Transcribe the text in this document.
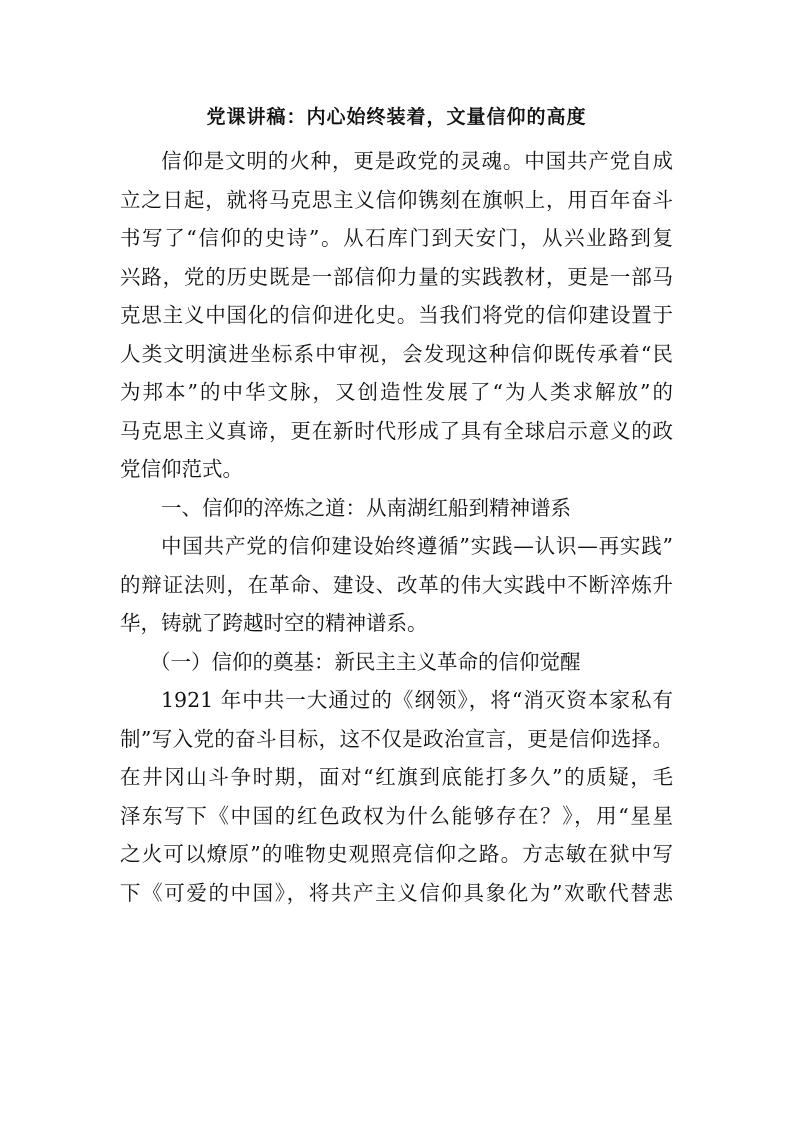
党课讲稿：内心始终装着，文量信仰的高度
信仰是文明的火种，更是政党的灵魂。中国共产党自成
立之日起，就将马克思主义信仰镌刻在旗帜上，用百年奋斗
书写了“信仰的史诗”。从石库门到天安门，从兴业路到复
兴路，党的历史既是一部信仰力量的实践教材，更是一部马
克思主义中国化的信仰进化史。当我们将党的信仰建设置于
人类文明演进坐标系中审视，会发现这种信仰既传承着“民
为邦本”的中华文脉，又创造性发展了“为人类求解放”的
马克思主义真谛，更在新时代形成了具有全球启示意义的政
党信仰范式。
一、信仰的淬炼之道：从南湖红船到精神谱系
中国共产党的信仰建设始终遵循”实践—认识—再实践”
的辩证法则，在革命、建设、改革的伟大实践中不断淬炼升
华，铸就了跨越时空的精神谱系。
（一）信仰的奠基：新民主主义革命的信仰觉醒
1921 年中共一大通过的《纲领》，将“消灭资本家私有
制”写入党的奋斗目标，这不仅是政治宣言，更是信仰选择。
在井冈山斗争时期，面对“红旗到底能打多久”的质疑，毛
泽东写下《中国的红色政权为什么能够存在？》，用“星星
之火可以燎原”的唯物史观照亮信仰之路。方志敏在狱中写
下《可爱的中国》，将共产主义信仰具象化为”欢歌代替悲
